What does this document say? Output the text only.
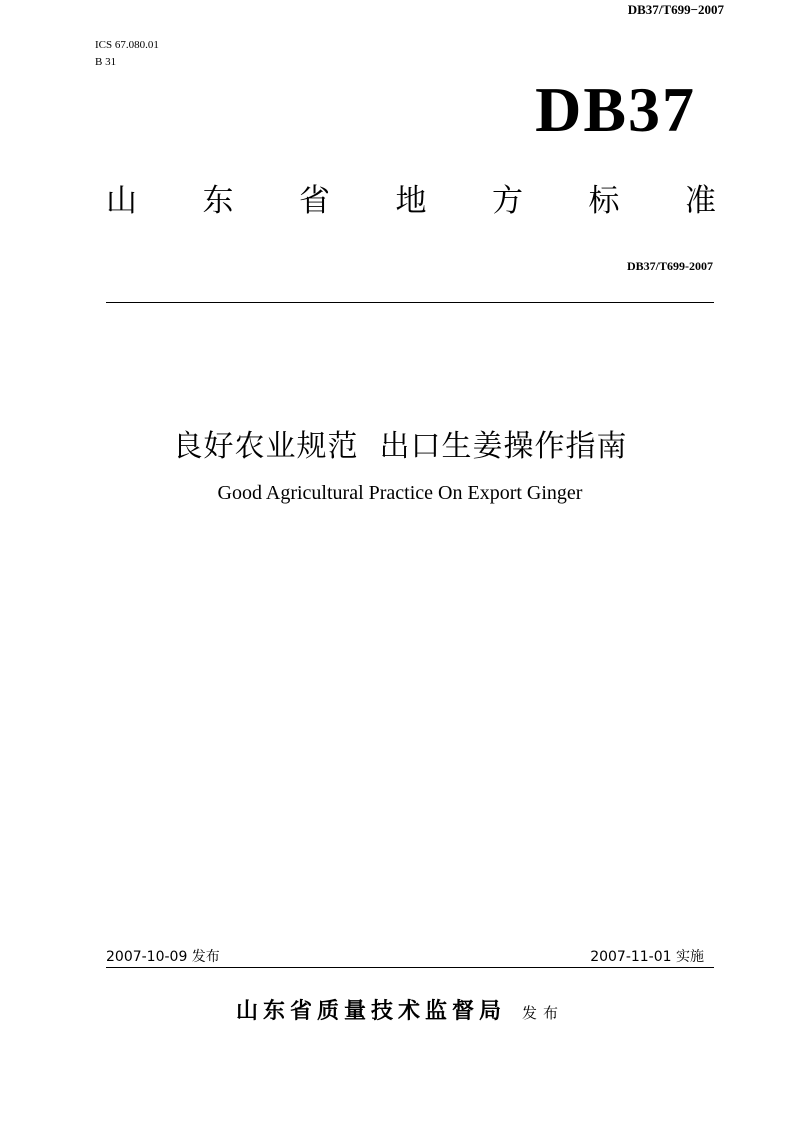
DB37/T699−2007
ICS 67.080.01
B 31
DB37
山 东 省 地 方 标 准
DB37/T699-2007
良好农业规范  出口生姜操作指南
Good Agricultural Practice On Export Ginger
2007-10-09 发布	2007-11-01 实施
山东省质量技术监督局 发布
